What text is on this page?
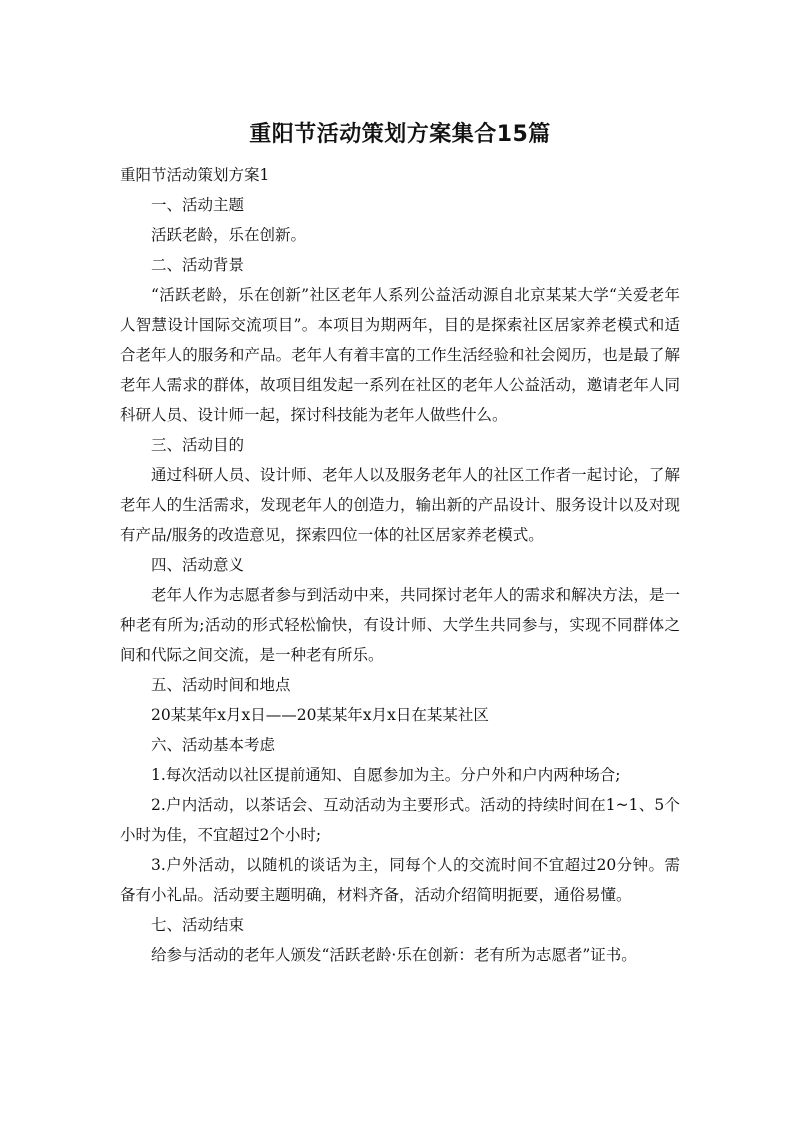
重阳节活动策划方案集合15篇

重阳节活动策划方案1

一、活动主题

活跃老龄，乐在创新。

二、活动背景

“活跃老龄，乐在创新”社区老年人系列公益活动源自北京某某大学“关爱老年人智慧设计国际交流项目”。本项目为期两年，目的是探索社区居家养老模式和适合老年人的服务和产品。老年人有着丰富的工作生活经验和社会阅历，也是最了解老年人需求的群体，故项目组发起一系列在社区的老年人公益活动，邀请老年人同科研人员、设计师一起，探讨科技能为老年人做些什么。

三、活动目的

通过科研人员、设计师、老年人以及服务老年人的社区工作者一起讨论，了解老年人的生活需求，发现老年人的创造力，输出新的产品设计、服务设计以及对现有产品/服务的改造意见，探索四位一体的社区居家养老模式。

四、活动意义

老年人作为志愿者参与到活动中来，共同探讨老年人的需求和解决方法，是一种老有所为;活动的形式轻松愉快，有设计师、大学生共同参与，实现不同群体之间和代际之间交流，是一种老有所乐。

五、活动时间和地点

20某某年x月x日——20某某年x月x日在某某社区

六、活动基本考虑

1.每次活动以社区提前通知、自愿参加为主。分户外和户内两种场合;

2.户内活动，以茶话会、互动活动为主要形式。活动的持续时间在1~1、5个小时为佳，不宜超过2个小时;

3.户外活动，以随机的谈话为主，同每个人的交流时间不宜超过20分钟。需备有小礼品。活动要主题明确，材料齐备，活动介绍简明扼要，通俗易懂。

七、活动结束

给参与活动的老年人颁发“活跃老龄·乐在创新：老有所为志愿者”证书。
